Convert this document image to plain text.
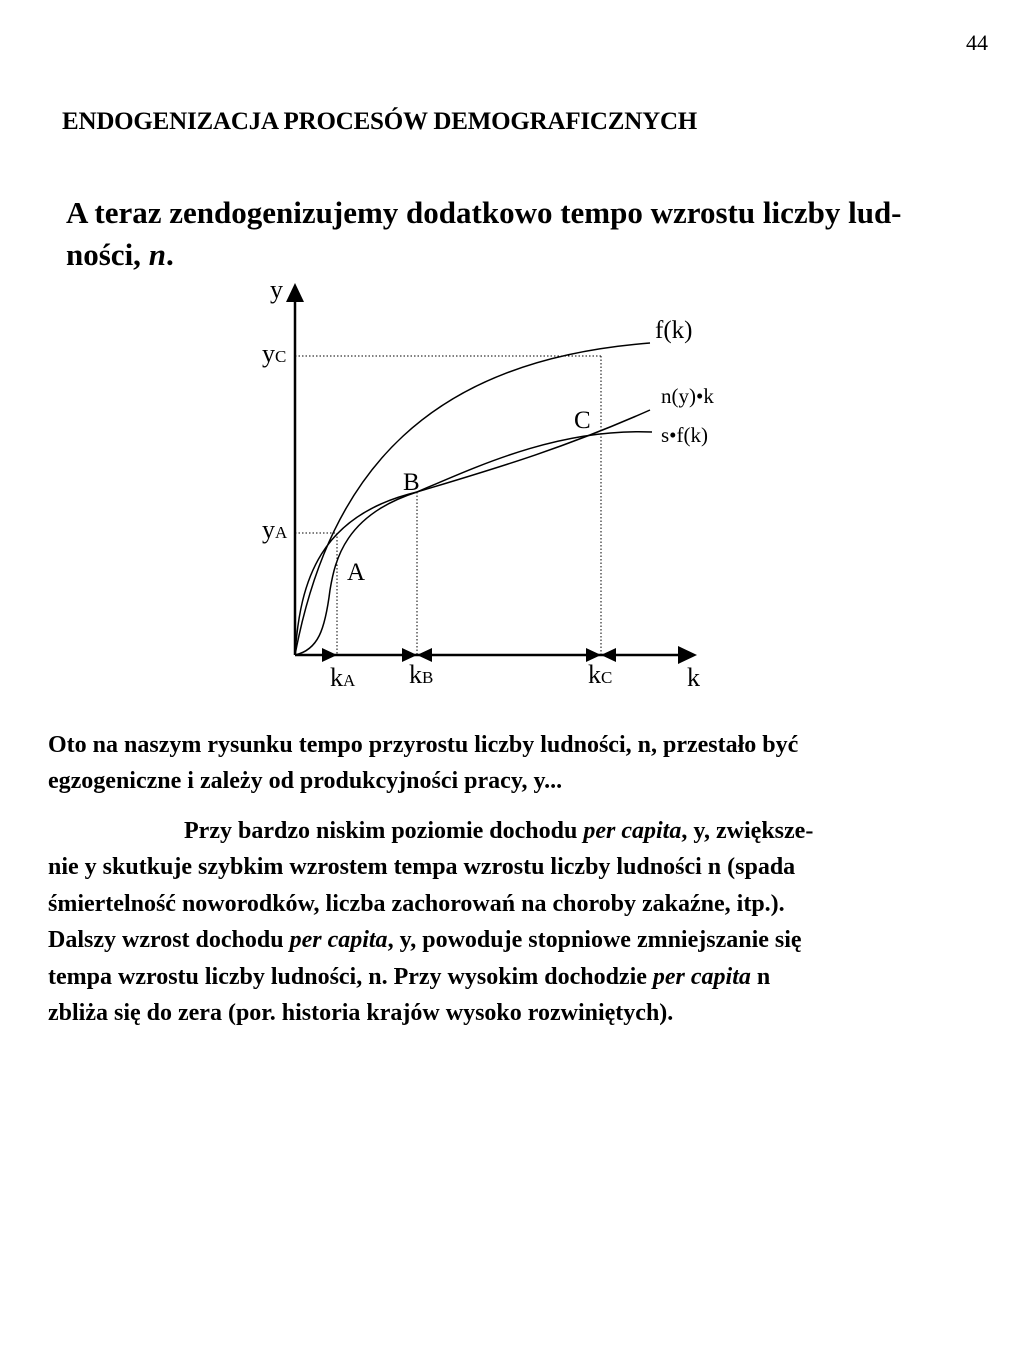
44
ENDOGENIZACJA PROCESÓW DEMOGRAFICZNYCH
A teraz zendogenizujemy dodatkowo tempo wzrostu liczby lud-
ności, n.
y
k
f(k)
n(y)•k
s•f(k)
A
B
C
yC
yA
kA kB	kC
Oto na naszym rysunku tempo przyrostu liczby ludności, n, przestało być
egzogeniczne i zależy od produkcyjności pracy, y...
Przy bardzo niskim poziomie dochodu per capita, y, zwiększe-
nie y skutkuje szybkim wzrostem tempa wzrostu liczby ludności n (spada
śmiertelność noworodków, liczba zachorowań na choroby zakaźne, itp.).
Dalszy wzrost dochodu per capita, y, powoduje stopniowe zmniejszanie się
tempa wzrostu liczby ludności, n. Przy wysokim dochodzie per capita n
zbliża się do zera (por. historia krajów wysoko rozwiniętych).
